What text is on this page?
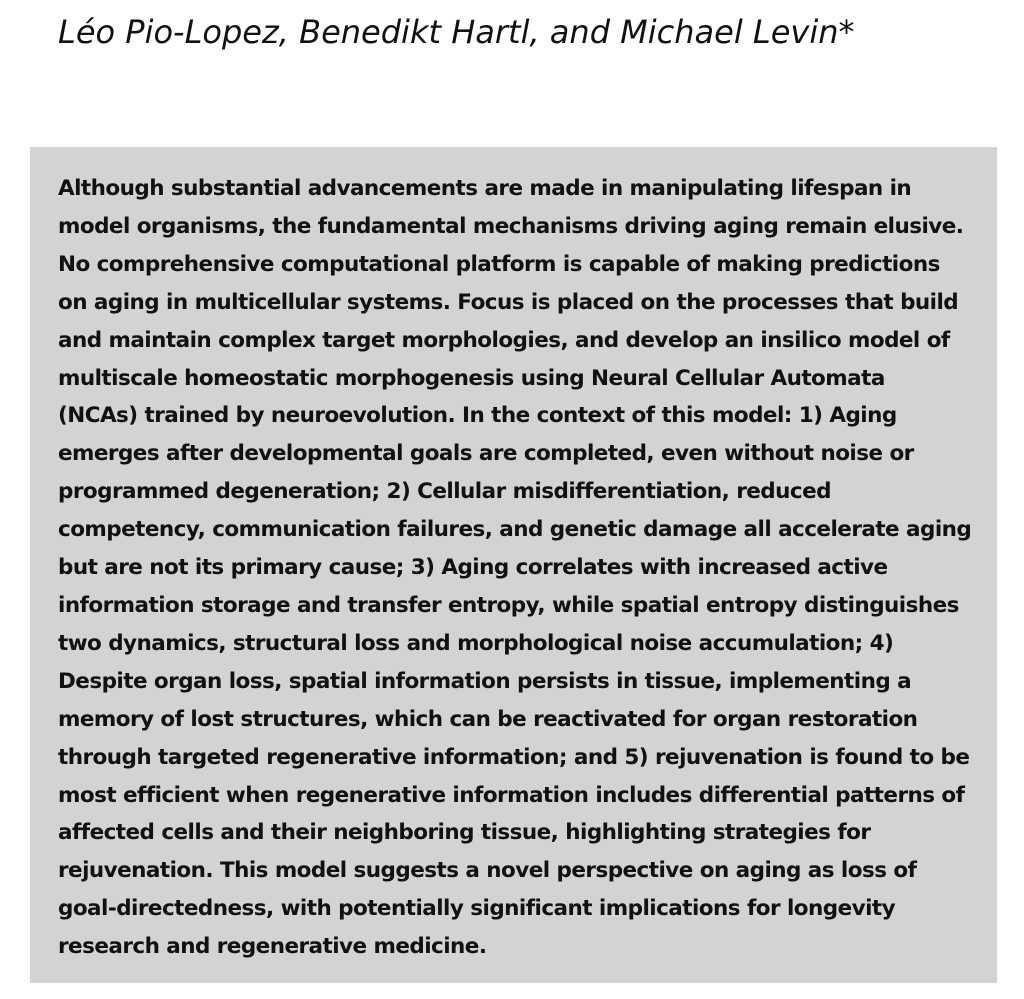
Léo Pio-Lopez, Benedikt Hartl, and Michael Levin*
Although substantial advancements are made in manipulating lifespan in
model organisms, the fundamental mechanisms driving aging remain elusive.
No comprehensive computational platform is capable of making predictions
on aging in multicellular systems. Focus is placed on the processes that build
and maintain complex target morphologies, and develop an insilico model of
multiscale homeostatic morphogenesis using Neural Cellular Automata
(NCAs) trained by neuroevolution. In the context of this model: 1) Aging
emerges after developmental goals are completed, even without noise or
programmed degeneration; 2) Cellular misdifferentiation, reduced
competency, communication failures, and genetic damage all accelerate aging
but are not its primary cause; 3) Aging correlates with increased active
information storage and transfer entropy, while spatial entropy distinguishes
two dynamics, structural loss and morphological noise accumulation; 4)
Despite organ loss, spatial information persists in tissue, implementing a
memory of lost structures, which can be reactivated for organ restoration
through targeted regenerative information; and 5) rejuvenation is found to be
most efficient when regenerative information includes differential patterns of
affected cells and their neighboring tissue, highlighting strategies for
rejuvenation. This model suggests a novel perspective on aging as loss of
goal-directedness, with potentially significant implications for longevity
research and regenerative medicine.
